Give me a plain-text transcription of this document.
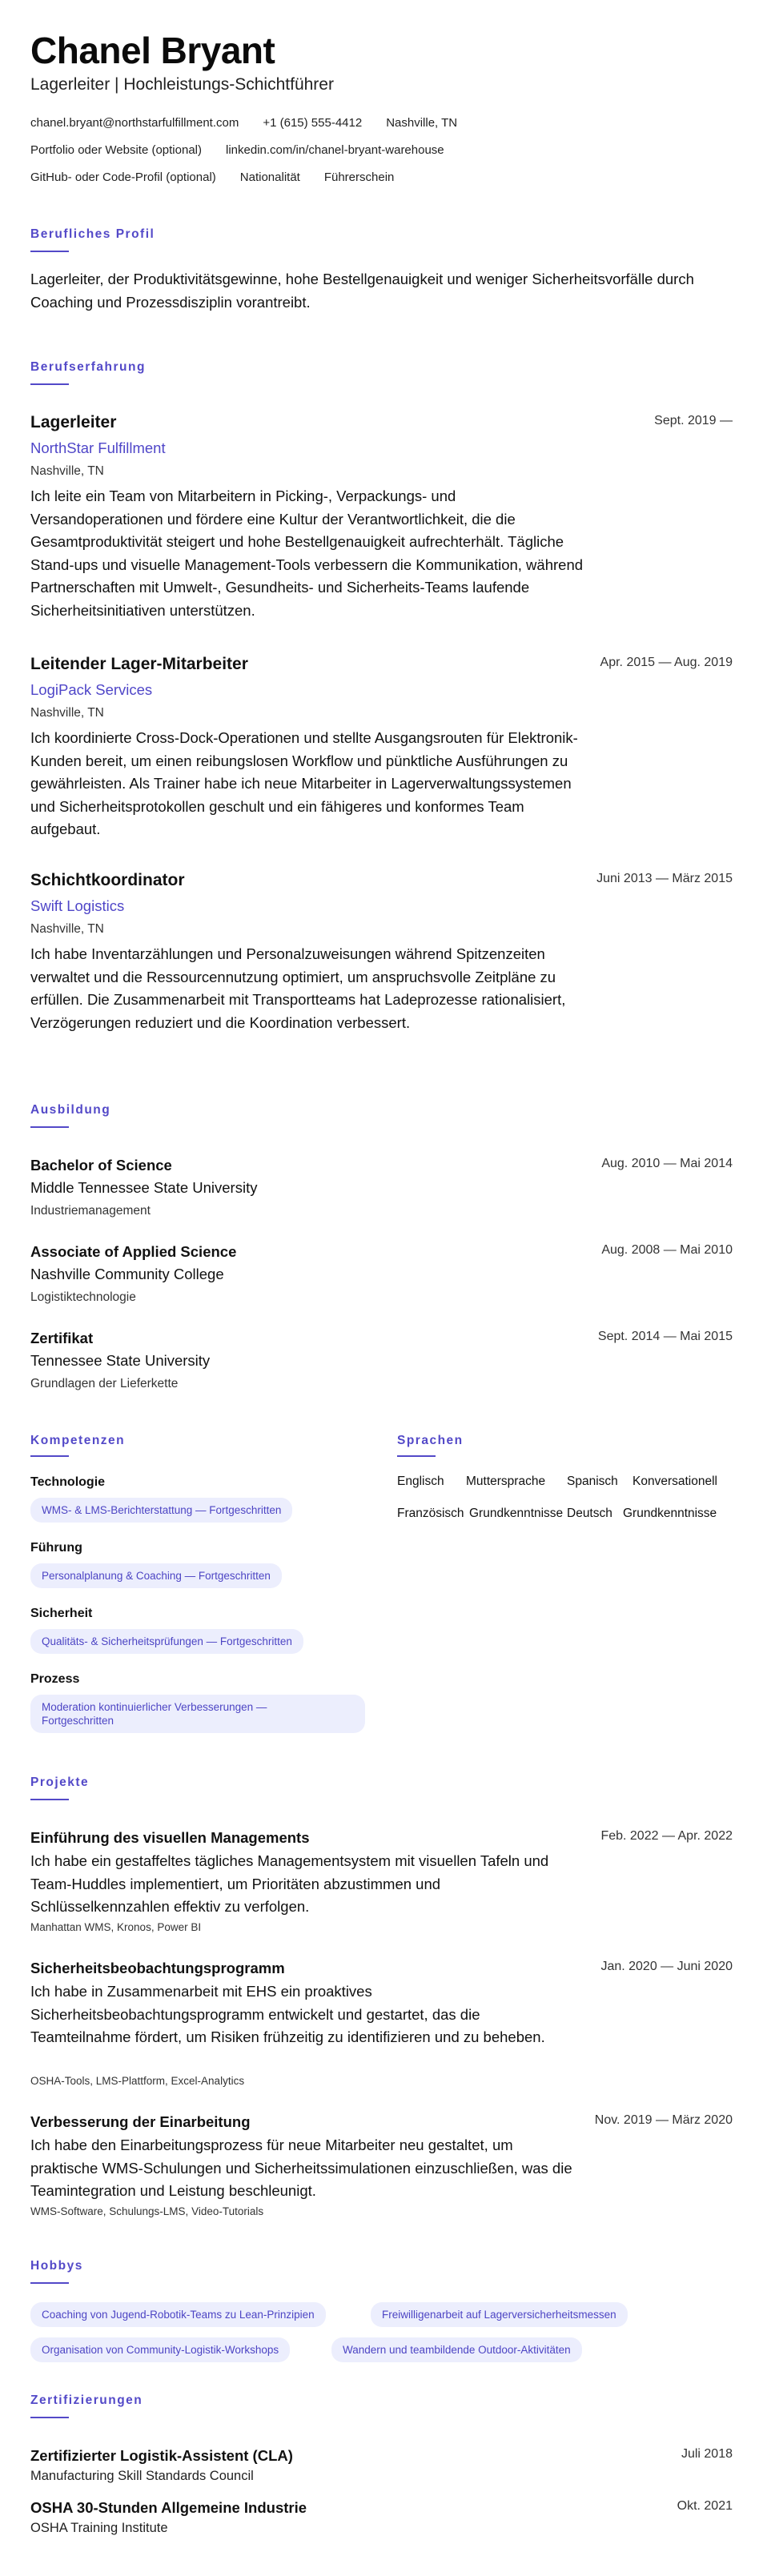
Chanel Bryant
Lagerleiter | Hochleistungs-Schichtführer
chanel.bryant@northstarfulfillment.com +1 (615) 555-4412 Nashville, TN
Portfolio oder Website (optional) linkedin.com/in/chanel-bryant-warehouse
GitHub- oder Code-Profil (optional) Nationalität Führerschein
Berufliches Profil
Lagerleiter, der Produktivitätsgewinne, hohe Bestellgenauigkeit und weniger Sicherheitsvorfälle durch Coaching und Prozessdisziplin vorantreibt.
Berufserfahrung
Lagerleiter	Sept. 2019 —
NorthStar Fulfillment
Nashville, TN
Ich leite ein Team von Mitarbeitern in Picking-, Verpackungs- und Versandoperationen und fördere eine Kultur der Verantwortlichkeit, die die Gesamtproduktivität steigert und hohe Bestellgenauigkeit aufrechterhält. Tägliche Stand-ups und visuelle Management-Tools verbessern die Kommunikation, während Partnerschaften mit Umwelt-, Gesundheits- und Sicherheits-Teams laufende Sicherheitsinitiativen unterstützen.
Leitender Lager-Mitarbeiter	Apr. 2015 — Aug. 2019
LogiPack Services
Nashville, TN
Ich koordinierte Cross-Dock-Operationen und stellte Ausgangsrouten für Elektronik-Kunden bereit, um einen reibungslosen Workflow und pünktliche Ausführungen zu gewährleisten. Als Trainer habe ich neue Mitarbeiter in Lagerverwaltungssystemen und Sicherheitsprotokollen geschult und ein fähigeres und konformes Team aufgebaut.
Schichtkoordinator	Juni 2013 — März 2015
Swift Logistics
Nashville, TN
Ich habe Inventarzählungen und Personalzuweisungen während Spitzenzeiten verwaltet und die Ressourcennutzung optimiert, um anspruchsvolle Zeitpläne zu erfüllen. Die Zusammenarbeit mit Transportteams hat Ladeprozesse rationalisiert, Verzögerungen reduziert und die Koordination verbessert.
Ausbildung
Bachelor of Science	Aug. 2010 — Mai 2014
Middle Tennessee State University
Industriemanagement
Associate of Applied Science	Aug. 2008 — Mai 2010
Nashville Community College
Logistiktechnologie
Zertifikat	Sept. 2014 — Mai 2015
Tennessee State University
Grundlagen der Lieferkette
Kompetenzen
Technologie
WMS- & LMS-Berichterstattung — Fortgeschritten
Führung
Personalplanung & Coaching — Fortgeschritten
Sicherheit
Qualitäts- & Sicherheitsprüfungen — Fortgeschritten
Prozess
Moderation kontinuierlicher Verbesserungen —
Fortgeschritten
Sprachen
Englisch Muttersprache Spanisch Konversationell
Französisch Grundkenntnisse Deutsch Grundkenntnisse
Projekte
Einführung des visuellen Managements	Feb. 2022 — Apr. 2022
Ich habe ein gestaffeltes tägliches Managementsystem mit visuellen Tafeln und Team-Huddles implementiert, um Prioritäten abzustimmen und Schlüsselkennzahlen effektiv zu verfolgen.
Manhattan WMS, Kronos, Power BI
Sicherheitsbeobachtungsprogramm	Jan. 2020 — Juni 2020
Ich habe in Zusammenarbeit mit EHS ein proaktives Sicherheitsbeobachtungsprogramm entwickelt und gestartet, das die Teamteilnahme fördert, um Risiken frühzeitig zu identifizieren und zu beheben.
OSHA-Tools, LMS-Plattform, Excel-Analytics
Verbesserung der Einarbeitung	Nov. 2019 — März 2020
Ich habe den Einarbeitungsprozess für neue Mitarbeiter neu gestaltet, um praktische WMS-Schulungen und Sicherheitssimulationen einzuschließen, was die Teamintegration und Leistung beschleunigt.
WMS-Software, Schulungs-LMS, Video-Tutorials
Hobbys
Coaching von Jugend-Robotik-Teams zu Lean-Prinzipien	Freiwilligenarbeit auf Lagerversicherheitsmessen
Organisation von Community-Logistik-Workshops	Wandern und teambildende Outdoor-Aktivitäten
Zertifizierungen
Zertifizierter Logistik-Assistent (CLA)	Juli 2018
Manufacturing Skill Standards Council
OSHA 30-Stunden Allgemeine Industrie	Okt. 2021
OSHA Training Institute
